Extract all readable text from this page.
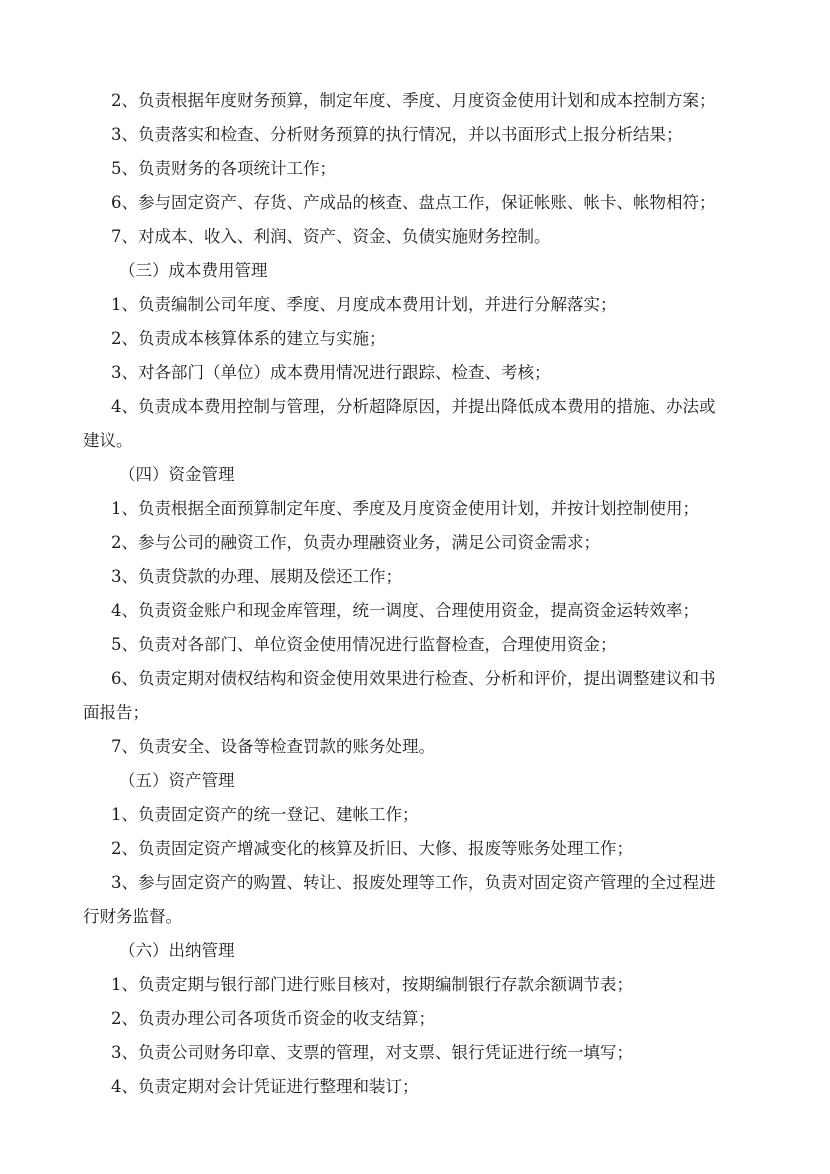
2、负责根据年度财务预算，制定年度、季度、月度资金使用计划和成本控制方案；

3、负责落实和检查、分析财务预算的执行情况，并以书面形式上报分析结果；

5、负责财务的各项统计工作；

6、参与固定资产、存货、产成品的核查、盘点工作，保证帐账、帐卡、帐物相符；

7、对成本、收入、利润、资产、资金、负债实施财务控制。

（三）成本费用管理

1、负责编制公司年度、季度、月度成本费用计划，并进行分解落实；

2、负责成本核算体系的建立与实施；

3、对各部门（单位）成本费用情况进行跟踪、检查、考核；

4、负责成本费用控制与管理，分析超降原因，并提出降低成本费用的措施、办法或

建议。

（四）资金管理

1、负责根据全面预算制定年度、季度及月度资金使用计划，并按计划控制使用；

2、参与公司的融资工作，负责办理融资业务，满足公司资金需求；

3、负责贷款的办理、展期及偿还工作；

4、负责资金账户和现金库管理，统一调度、合理使用资金，提高资金运转效率；

5、负责对各部门、单位资金使用情况进行监督检查，合理使用资金；

6、负责定期对债权结构和资金使用效果进行检查、分析和评价，提出调整建议和书

面报告；

7、负责安全、设备等检查罚款的账务处理。

（五）资产管理

1、负责固定资产的统一登记、建帐工作；

2、负责固定资产增减变化的核算及折旧、大修、报废等账务处理工作；

3、参与固定资产的购置、转让、报废处理等工作，负责对固定资产管理的全过程进

行财务监督。

（六）出纳管理

1、负责定期与银行部门进行账目核对，按期编制银行存款余额调节表；

2、负责办理公司各项货币资金的收支结算；

3、负责公司财务印章、支票的管理，对支票、银行凭证进行统一填写；

4、负责定期对会计凭证进行整理和装订；
